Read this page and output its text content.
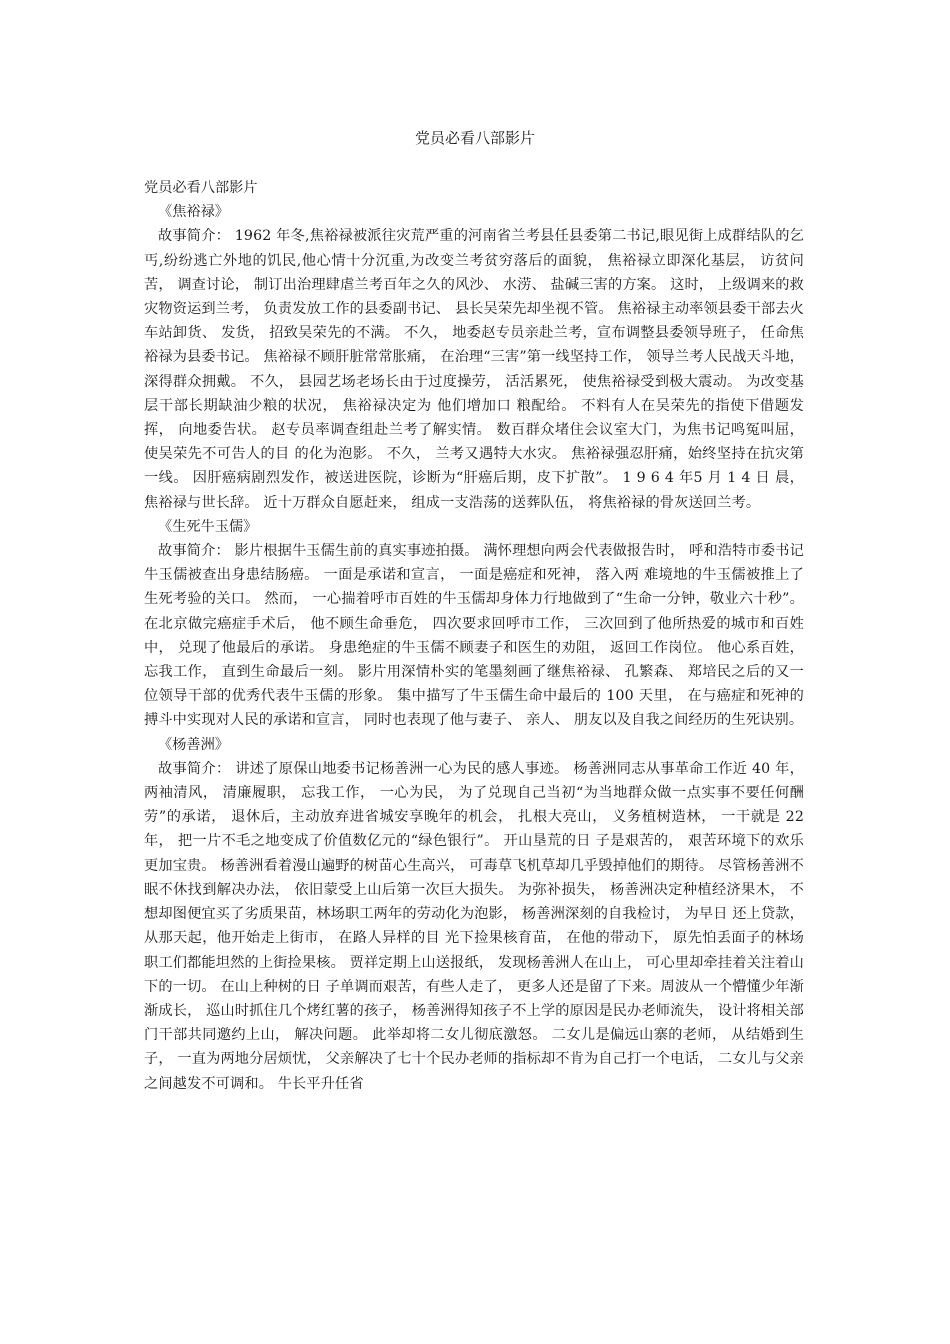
党员必看八部影片

党员必看八部影片

《焦裕禄》

故事简介： 1962 年冬,焦裕禄被派往灾荒严重的河南省兰考县任县委第二书记,眼见街上成群结队的乞丐,纷纷逃亡外地的饥民,他心情十分沉重,为改变兰考贫穷落后的面貌， 焦裕禄立即深化基层， 访贫问苦， 调查讨论， 制订出治理肆虐兰考百年之久的风沙、 水涝、 盐碱三害的方案。 这时， 上级调来的救灾物资运到兰考， 负责发放工作的县委副书记、 县长吴荣先却坐视不管。 焦裕禄主动率领县委干部去火车站卸货、 发货， 招致吴荣先的不满。 不久， 地委赵专员亲赴兰考，宣布调整县委领导班子， 任命焦裕禄为县委书记。 焦裕禄不顾肝脏常常胀痛， 在治理“三害”第一线坚持工作， 领导兰考人民战天斗地， 深得群众拥戴。 不久， 县园艺场老场长由于过度操劳， 活活累死， 使焦裕禄受到极大震动。 为改变基层干部长期缺油少粮的状况， 焦裕禄决定为 他们增加口 粮配给。 不料有人在吴荣先的指使下借题发挥， 向地委告状。 赵专员率调查组赴兰考了解实情。 数百群众堵住会议室大门，为焦书记鸣冤叫屈， 使吴荣先不可告人的目 的化为泡影。 不久， 兰考又遇特大水灾。 焦裕禄强忍肝痛，始终坚持在抗灾第一线。 因肝癌病剧烈发作，被送进医院，诊断为“肝癌后期，皮下扩散”。 1 9 6 4 年5 月 1 4 日 晨， 焦裕禄与世长辞。 近十万群众自愿赶来， 组成一支浩荡的送葬队伍， 将焦裕禄的骨灰送回兰考。

《生死牛玉儒》

故事简介： 影片根据牛玉儒生前的真实事迹拍摄。 满怀理想向两会代表做报告时， 呼和浩特市委书记牛玉儒被查出身患结肠癌。 一面是承诺和宣言， 一面是癌症和死神， 落入两 难境地的牛玉儒被推上了生死考验的关口。 然而， 一心揣着呼市百姓的牛玉儒却身体力行地做到了“生命一分钟，敬业六十秒”。 在北京做完癌症手术后， 他不顾生命垂危， 四次要求回呼市工作， 三次回到了他所热爱的城市和百姓中， 兑现了他最后的承诺。 身患绝症的牛玉儒不顾妻子和医生的劝阻， 返回工作岗位。 他心系百姓， 忘我工作， 直到生命最后一刻。 影片用深情朴实的笔墨刻画了继焦裕禄、 孔繁森、 郑培民之后的又一位领导干部的优秀代表牛玉儒的形象。 集中描写了牛玉儒生命中最后的 100 天里， 在与癌症和死神的搏斗中实现对人民的承诺和宣言， 同时也表现了他与妻子、 亲人、 朋友以及自我之间经历的生死诀别。

《杨善洲》

故事简介： 讲述了原保山地委书记杨善洲一心为民的感人事迹。 杨善洲同志从事革命工作近 40 年， 两袖清风， 清廉履职， 忘我工作， 一心为民， 为了兑现自己当初“为当地群众做一点实事不要任何酬劳”的承诺， 退休后，主动放弃进省城安享晚年的机会， 扎根大亮山， 义务植树造林， 一干就是 22年， 把一片不毛之地变成了价值数亿元的“绿色银行”。 开山垦荒的日 子是艰苦的， 艰苦环境下的欢乐更加宝贵。 杨善洲看着漫山遍野的树苗心生高兴， 可毒草飞机草却几乎毁掉他们的期待。 尽管杨善洲不眠不休找到解决办法， 依旧蒙受上山后第一次巨大损失。 为弥补损失， 杨善洲决定种植经济果木， 不想却图便宜买了劣质果苗，林场职工两年的劳动化为泡影， 杨善洲深刻的自我检讨， 为早日 还上贷款， 从那天起，他开始走上街市， 在路人异样的目 光下捡果核育苗， 在他的带动下， 原先怕丢面子的林场职工们都能坦然的上街捡果核。 贾祥定期上山送报纸， 发现杨善洲人在山上， 可心里却牵挂着关注着山下的一切。 在山上种树的日 子单调而艰苦，有些人走了， 更多人还是留了下来。周波从一个懵懂少年渐渐成长， 巡山时抓住几个烤红薯的孩子， 杨善洲得知孩子不上学的原因是民办老师流失， 设计将相关部门干部共同邀约上山， 解决问题。 此举却将二女儿彻底激怒。 二女儿是偏远山寨的老师， 从结婚到生子， 一直为两地分居烦忧， 父亲解决了七十个民办老师的指标却不肯为自己打一个电话， 二女儿与父亲之间越发不可调和。 牛长平升任省
